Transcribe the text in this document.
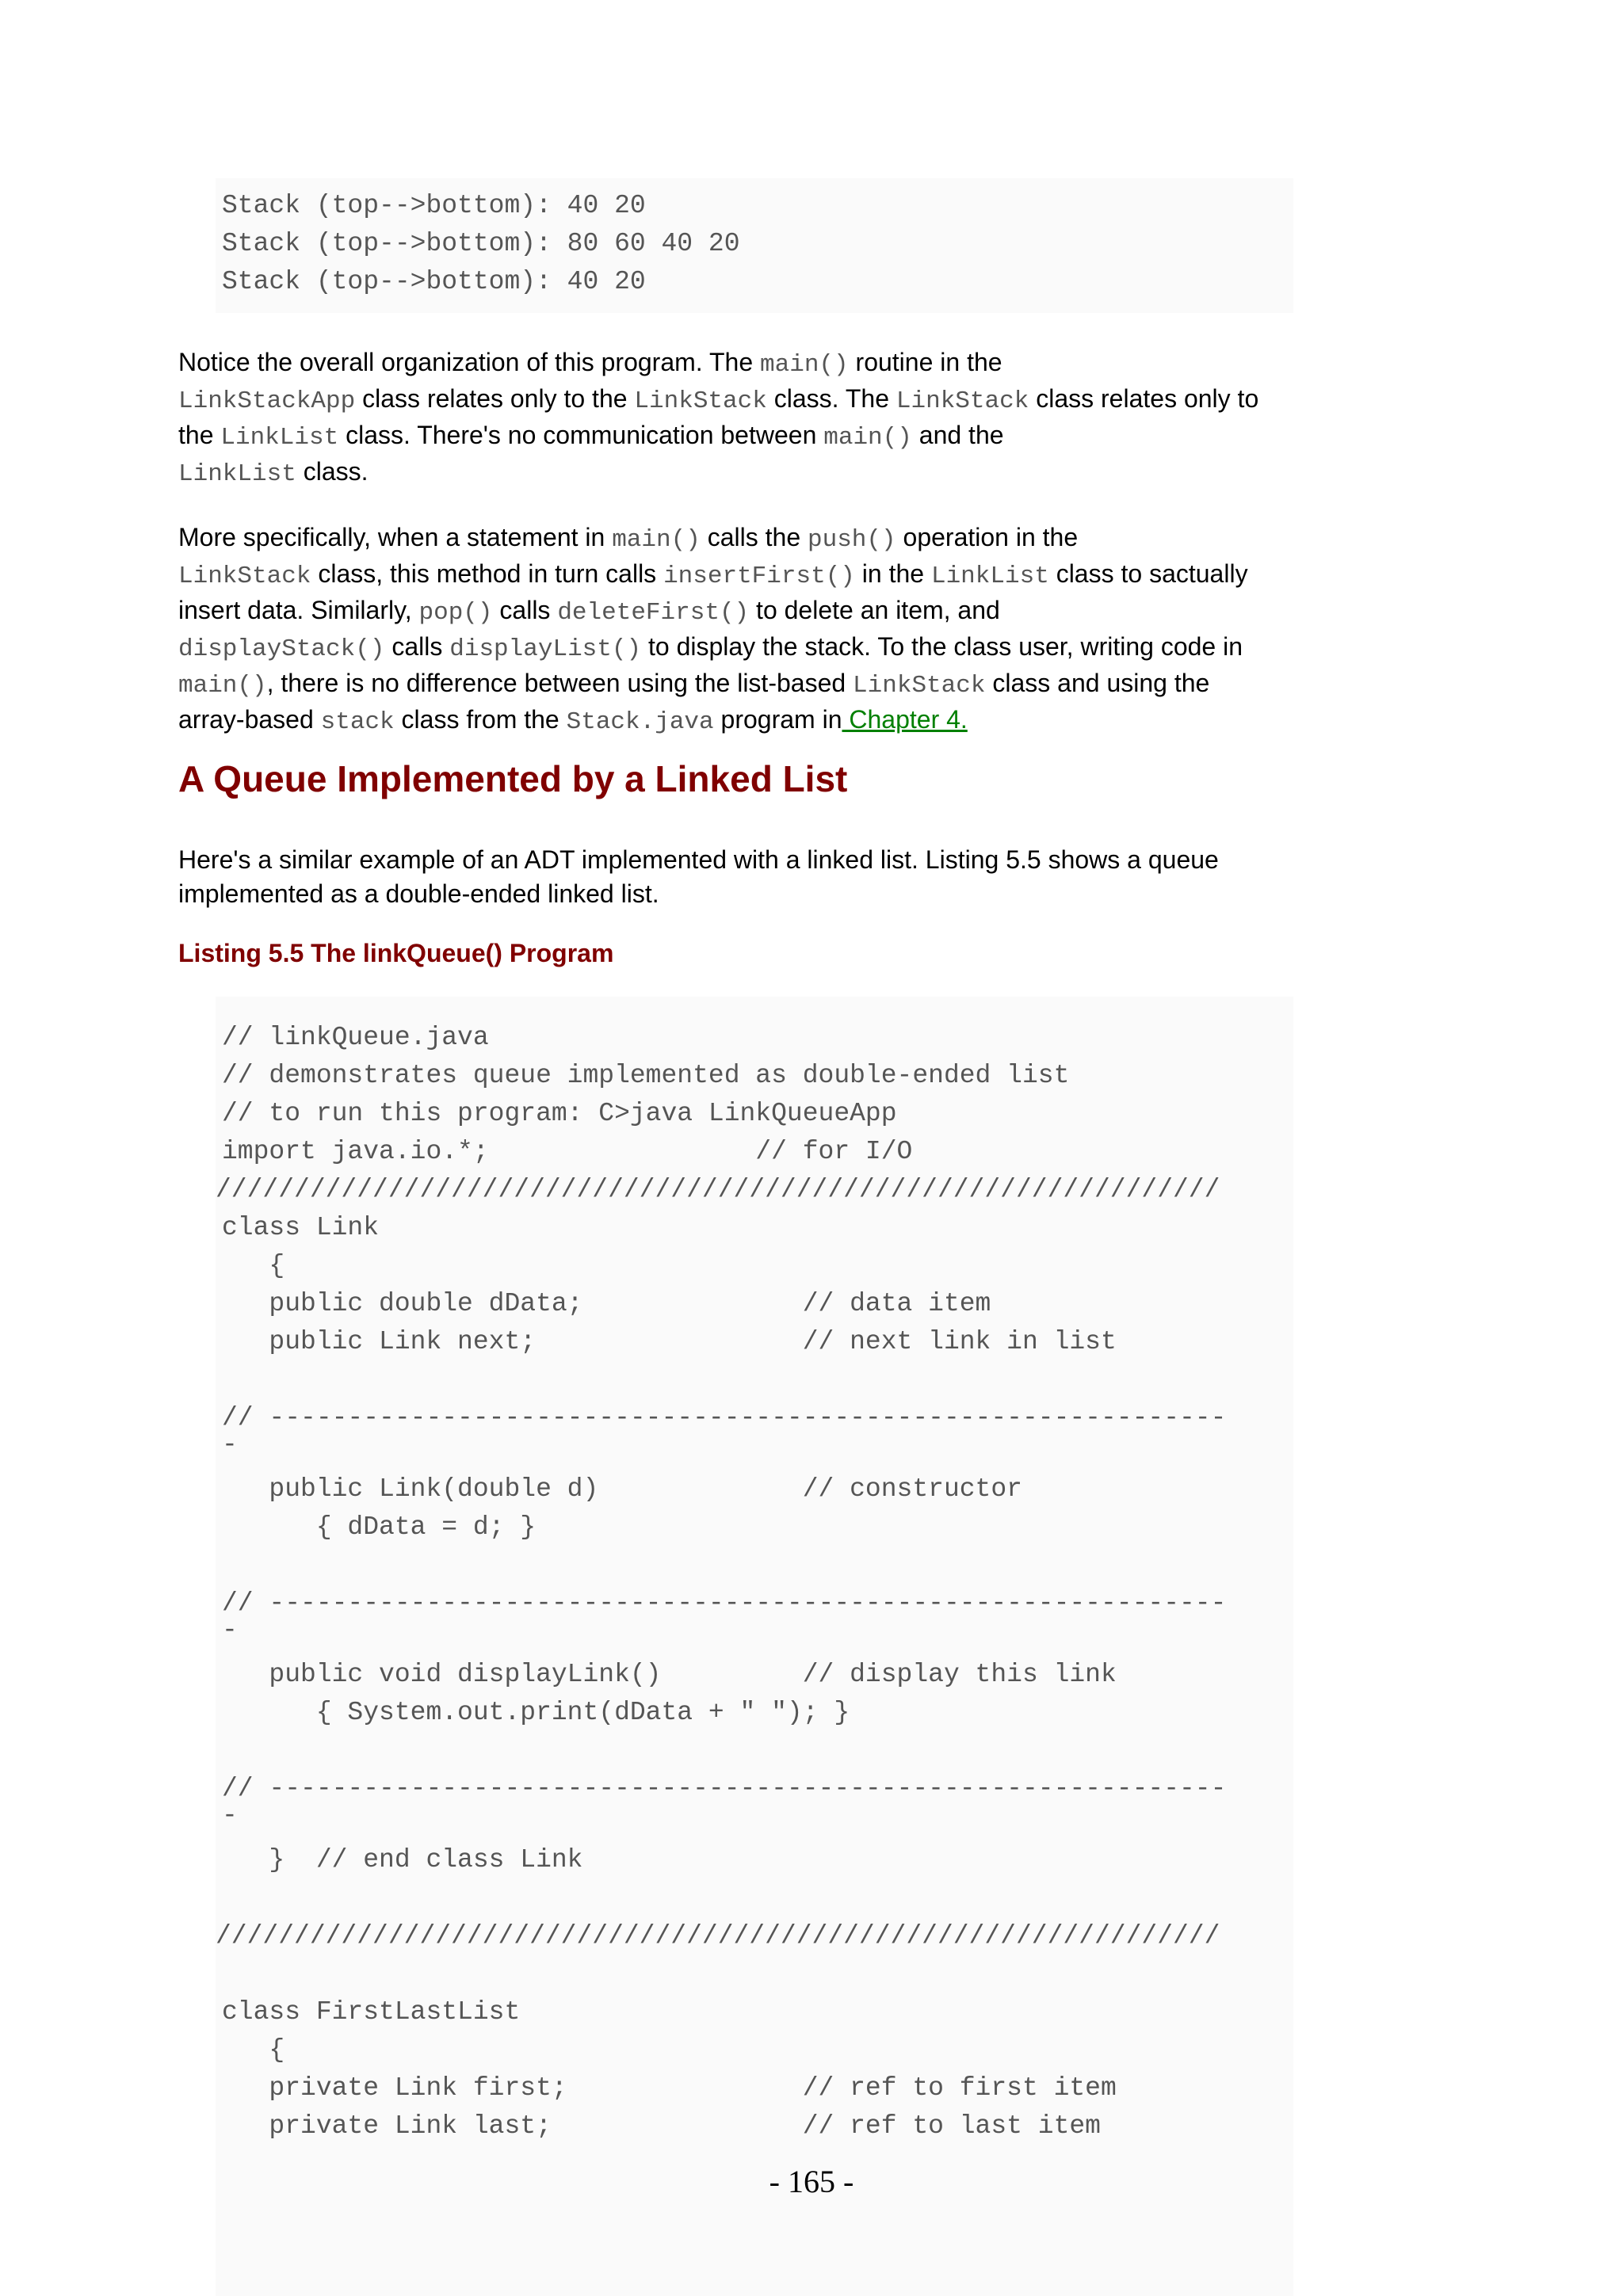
Stack (top-->bottom): 40 20
Stack (top-->bottom): 80 60 40 20
Stack (top-->bottom): 40 20

Notice the overall organization of this program. The main() routine in the
LinkStackApp class relates only to the LinkStack class. The LinkStack class relates only to the LinkList class. There's no communication between main() and the
LinkList class.

More specifically, when a statement in main() calls the push() operation in the
LinkStack class, this method in turn calls insertFirst() in the LinkList class to sactually insert data. Similarly, pop() calls deleteFirst() to delete an item, and
displayStack() calls displayList() to display the stack. To the class user, writing code in main(), there is no difference between using the list-based LinkStack class and using the array-based stack class from the Stack.java program in Chapter 4.

A Queue Implemented by a Linked List

Here's a similar example of an ADT implemented with a linked list. Listing 5.5 shows a queue implemented as a double-ended linked list.

Listing 5.5 The linkQueue() Program
// linkQueue.java
// demonstrates queue implemented as double-ended list
// to run this program: C>java LinkQueueApp
import java.io.*;                 // for I/O
////////////////////////////////////////////////////////////////
class Link
{
public double dData;              // data item
public Link next;                 // next link in list
// -------------------------------------------------------------
-
public Link(double d)             // constructor
{ dData = d; }
// -------------------------------------------------------------
-
public void displayLink()         // display this link
{ System.out.print(dData + " "); }
// -------------------------------------------------------------
-
}  // end class Link
////////////////////////////////////////////////////////////////
class FirstLastList
{
private Link first;               // ref to first item
private Link last;                // ref to last item
- 165 -
